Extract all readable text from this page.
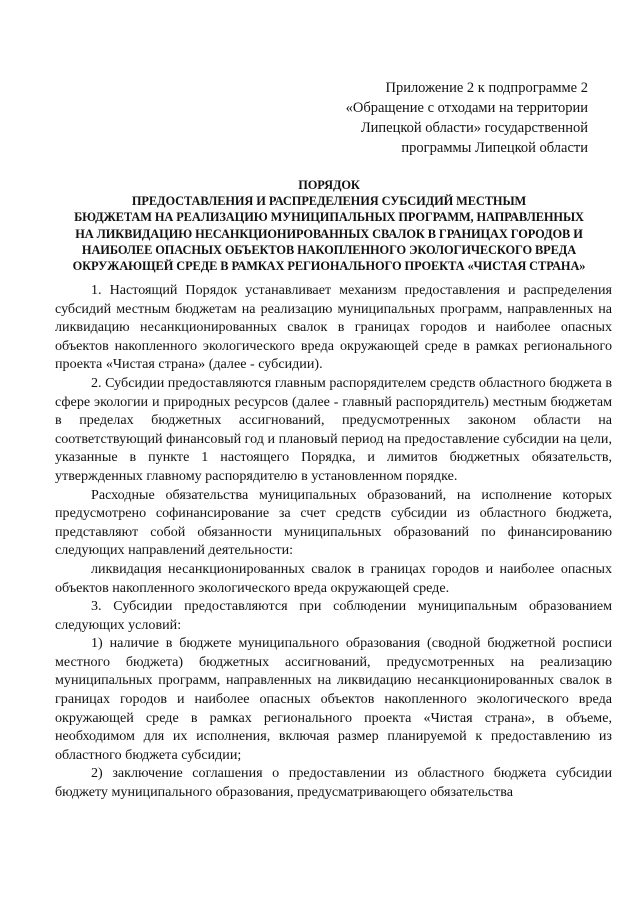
Приложение 2 к подпрограмме 2
«Обращение с отходами на территории
Липецкой области» государственной
программы Липецкой области
ПОРЯДОК
ПРЕДОСТАВЛЕНИЯ И РАСПРЕДЕЛЕНИЯ СУБСИДИЙ МЕСТНЫМ
БЮДЖЕТАМ НА РЕАЛИЗАЦИЮ МУНИЦИПАЛЬНЫХ ПРОГРАММ, НАПРАВЛЕННЫХ
НА ЛИКВИДАЦИЮ НЕСАНКЦИОНИРОВАННЫХ СВАЛОК В ГРАНИЦАХ ГОРОДОВ И
НАИБОЛЕЕ ОПАСНЫХ ОБЪЕКТОВ НАКОПЛЕННОГО ЭКОЛОГИЧЕСКОГО ВРЕДА
ОКРУЖАЮЩЕЙ СРЕДЕ В РАМКАХ РЕГИОНАЛЬНОГО ПРОЕКТА «ЧИСТАЯ СТРАНА»

1. Настоящий Порядок устанавливает механизм предоставления и распределения субсидий местным бюджетам на реализацию муниципальных программ, направленных на ликвидацию несанкционированных свалок в границах городов и наиболее опасных объектов накопленного экологического вреда окружающей среде в рамках регионального проекта «Чистая страна» (далее - субсидии).

2. Субсидии предоставляются главным распорядителем средств областного бюджета в сфере экологии и природных ресурсов (далее - главный распорядитель) местным бюджетам в пределах бюджетных ассигнований, предусмотренных законом области на соответствующий финансовый год и плановый период на предоставление субсидии на цели, указанные в пункте 1 настоящего Порядка, и лимитов бюджетных обязательств, утвержденных главному распорядителю в установленном порядке.

Расходные обязательства муниципальных образований, на исполнение которых предусмотрено софинансирование за счет средств субсидии из областного бюджета, представляют собой обязанности муниципальных образований по финансированию следующих направлений деятельности:

ликвидация несанкционированных свалок в границах городов и наиболее опасных объектов накопленного экологического вреда окружающей среде.

3. Субсидии предоставляются при соблюдении муниципальным образованием следующих условий:

1) наличие в бюджете муниципального образования (сводной бюджетной росписи местного бюджета) бюджетных ассигнований, предусмотренных на реализацию муниципальных программ, направленных на ликвидацию несанкционированных свалок в границах городов и наиболее опасных объектов накопленного экологического вреда окружающей среде в рамках регионального проекта «Чистая страна», в объеме, необходимом для их исполнения, включая размер планируемой к предоставлению из областного бюджета субсидии;

2) заключение соглашения о предоставлении из областного бюджета субсидии бюджету муниципального образования, предусматривающего обязательства
